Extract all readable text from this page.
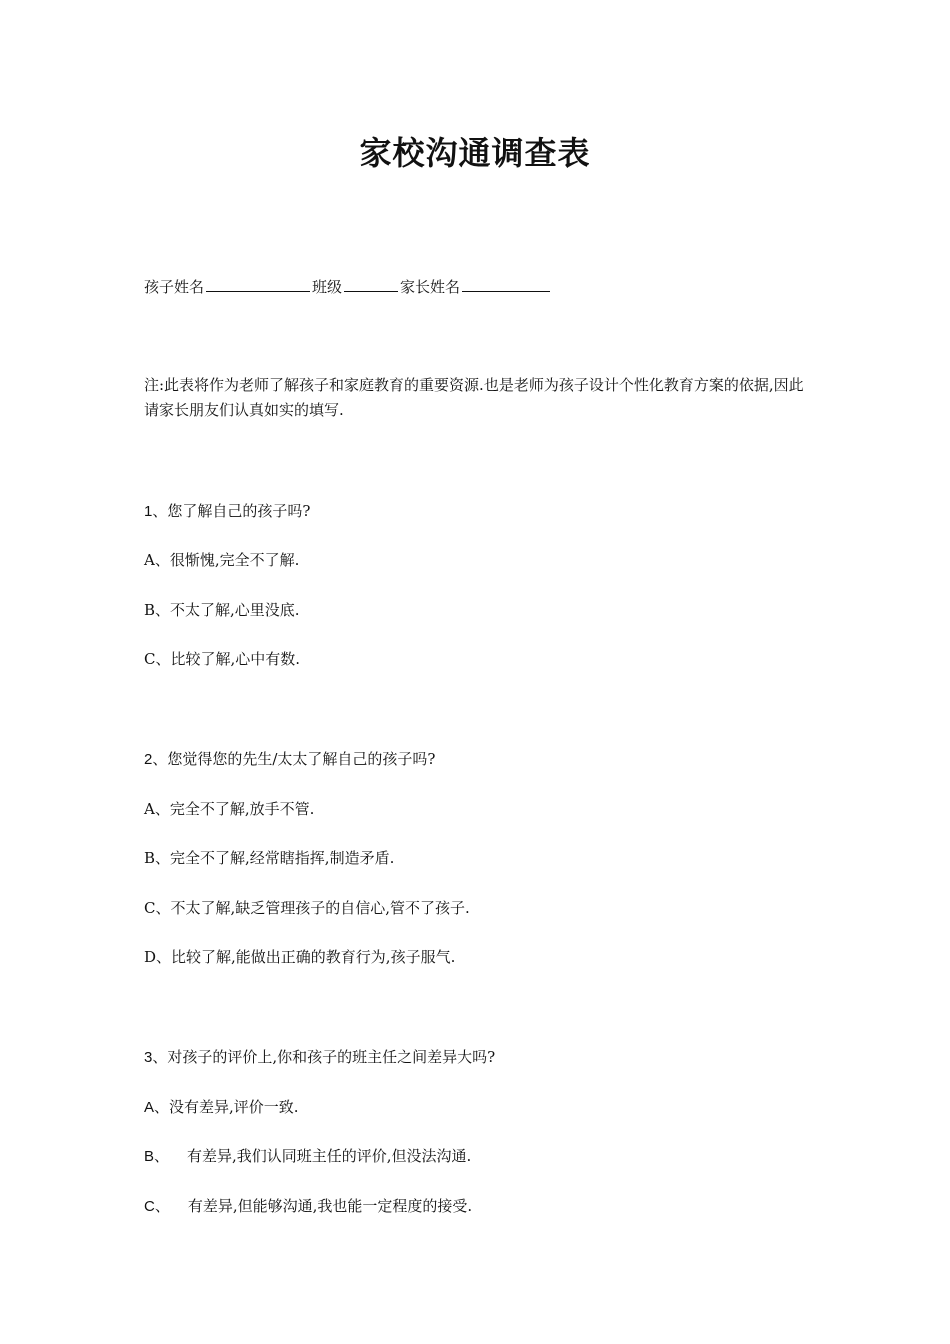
家校沟通调查表
孩子姓名	班级	家长姓名
注:此表将作为老师了解孩子和家庭教育的重要资源.也是老师为孩子设计个性化教育方案的依据,因此请家长朋友们认真如实的填写.
1、您了解自己的孩子吗?
A、很惭愧,完全不了解.
B、不太了解,心里没底.
C、比较了解,心中有数.
2、您觉得您的先生/太太了解自己的孩子吗?
A、完全不了解,放手不管.
B、完全不了解,经常瞎指挥,制造矛盾.
C、不太了解,缺乏管理孩子的自信心,管不了孩子.
D、比较了解,能做出正确的教育行为,孩子服气.
3、对孩子的评价上,你和孩子的班主任之间差异大吗?
A、没有差异,评价一致.
B、 有差异,我们认同班主任的评价,但没法沟通.
C、 有差异,但能够沟通,我也能一定程度的接受.
